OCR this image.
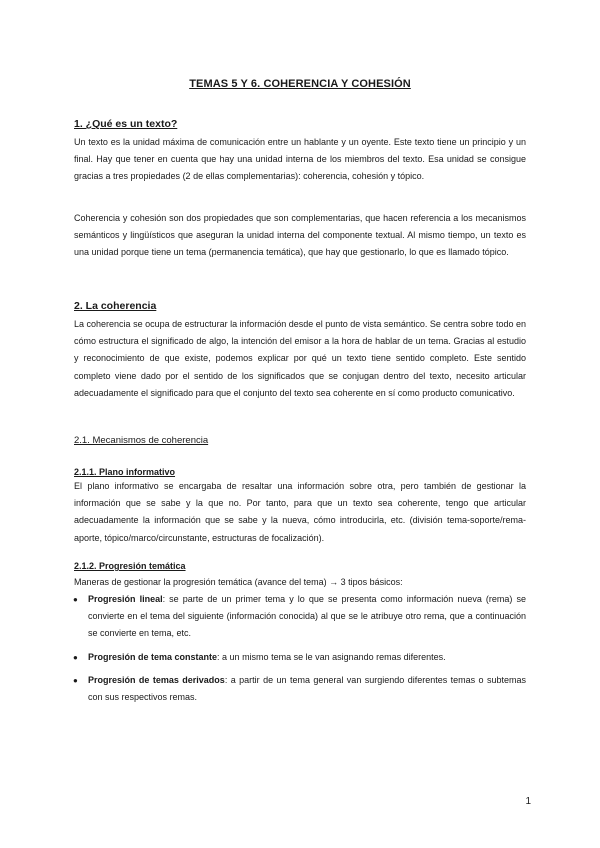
TEMAS 5 Y 6. COHERENCIA Y COHESIÓN
1. ¿Qué es un texto?

Un texto es la unidad máxima de comunicación entre un hablante y un oyente. Este texto tiene un principio y un final. Hay que tener en cuenta que hay una unidad interna de los miembros del texto. Esa unidad se consigue gracias a tres propiedades (2 de ellas complementarias): coherencia, cohesión y tópico.

Coherencia y cohesión son dos propiedades que son complementarias, que hacen referencia a los mecanismos semánticos y lingüísticos que aseguran la unidad interna del componente textual. Al mismo tiempo, un texto es una unidad porque tiene un tema (permanencia temática), que hay que gestionarlo, lo que es llamado tópico.

2. La coherencia

La coherencia se ocupa de estructurar la información desde el punto de vista semántico. Se centra sobre todo en cómo estructura el significado de algo, la intención del emisor a la hora de hablar de un tema. Gracias al estudio y reconocimiento de que existe, podemos explicar por qué un texto tiene sentido completo. Este sentido completo viene dado por el sentido de los significados que se conjugan dentro del texto, necesito articular adecuadamente el significado para que el conjunto del texto sea coherente en sí como producto comunicativo.

2.1. Mecanismos de coherencia
2.1.1. Plano informativo

El plano informativo se encargaba de resaltar una información sobre otra, pero también de gestionar la información que se sabe y la que no. Por tanto, para que un texto sea coherente, tengo que articular adecuadamente la información que se sabe y la nueva, cómo introducirla, etc. (división tema-soporte/rema-aporte, tópico/marco/circunstante, estructuras de focalización).

2.1.2. Progresión temática

Maneras de gestionar la progresión temática (avance del tema) → 3 tipos básicos:

● Progresión lineal: se parte de un primer tema y lo que se presenta como información nueva (rema) se convierte en el tema del siguiente (información conocida) al que se le atribuye otro rema, que a continuación se convierte en tema, etc.
● Progresión de tema constante: a un mismo tema se le van asignando remas diferentes.
● Progresión de temas derivados: a partir de un tema general van surgiendo diferentes temas o subtemas con sus respectivos remas.
1
